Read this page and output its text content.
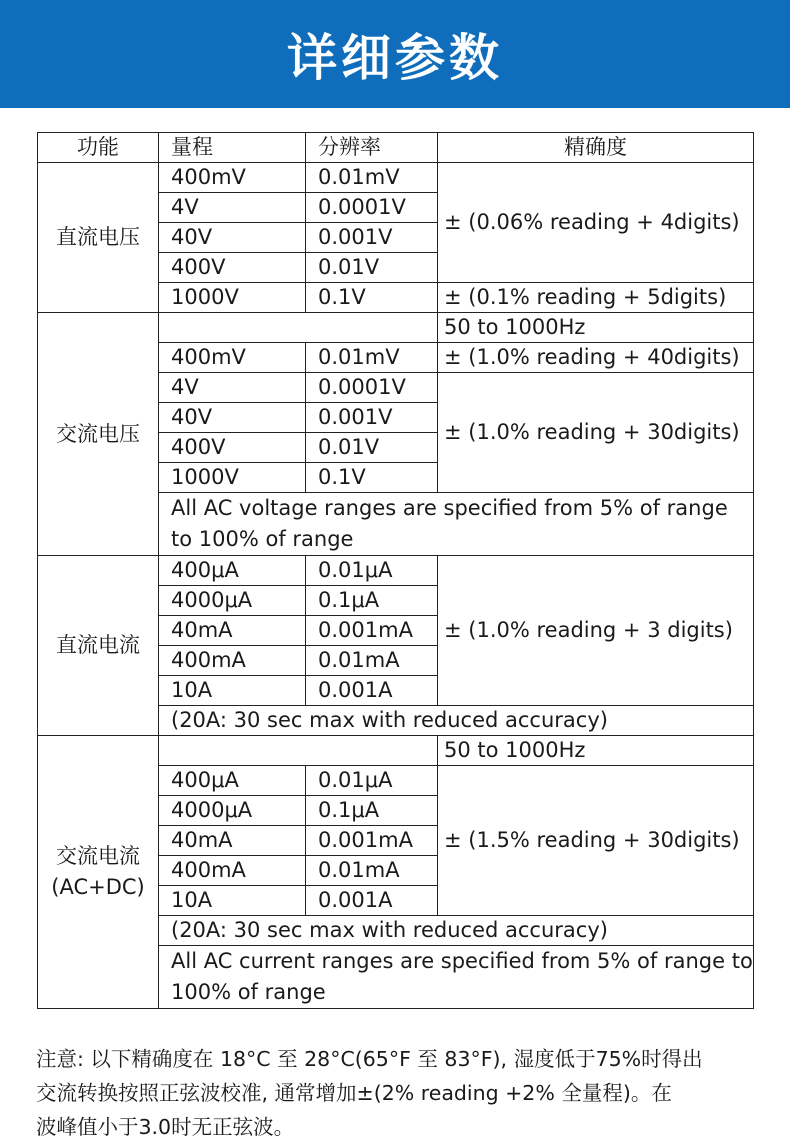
详细参数
功能	量程	分辨率	精确度
直流电压	400mV	0.01mV	± (0.06% reading + 4digits)
	4V	0.0001V	
	40V	0.001V	
	400V	0.01V	
	1000V	0.1V	± (0.1% reading + 5digits)
交流电压			50 to 1000Hz
	400mV	0.01mV	± (1.0% reading + 40digits)
	4V	0.0001V	± (1.0% reading + 30digits)
	40V	0.001V	
	400V	0.01V	
	1000V	0.1V	
	All AC voltage ranges are specified from 5% of range to 100% of range		

直流电流	400μA	0.01μA	± (1.0% reading + 3 digits)
	4000μA	0.1μA	
	40mA	0.001mA	
	400mA	0.01mA	
	10A	0.001A	
	(20A: 30 sec max with reduced accuracy)		

交流电流
(AC+DC)			50 to 1000Hz
	400μA	0.01μA	± (1.5% reading + 30digits)
	4000μA	0.1μA	
	40mA	0.001mA	
	400mA	0.01mA	
	10A	0.001A	
	(20A: 30 sec max with reduced accuracy)		
	All AC current ranges are specified from 5% of range to 100% of range		

注意: 以下精确度在 18°C 至 28°C(65°F 至 83°F), 湿度低于75%时得出
交流转换按照正弦波校准, 通常增加±(2% reading +2% 全量程)。在
波峰值小于3.0时无正弦波。
